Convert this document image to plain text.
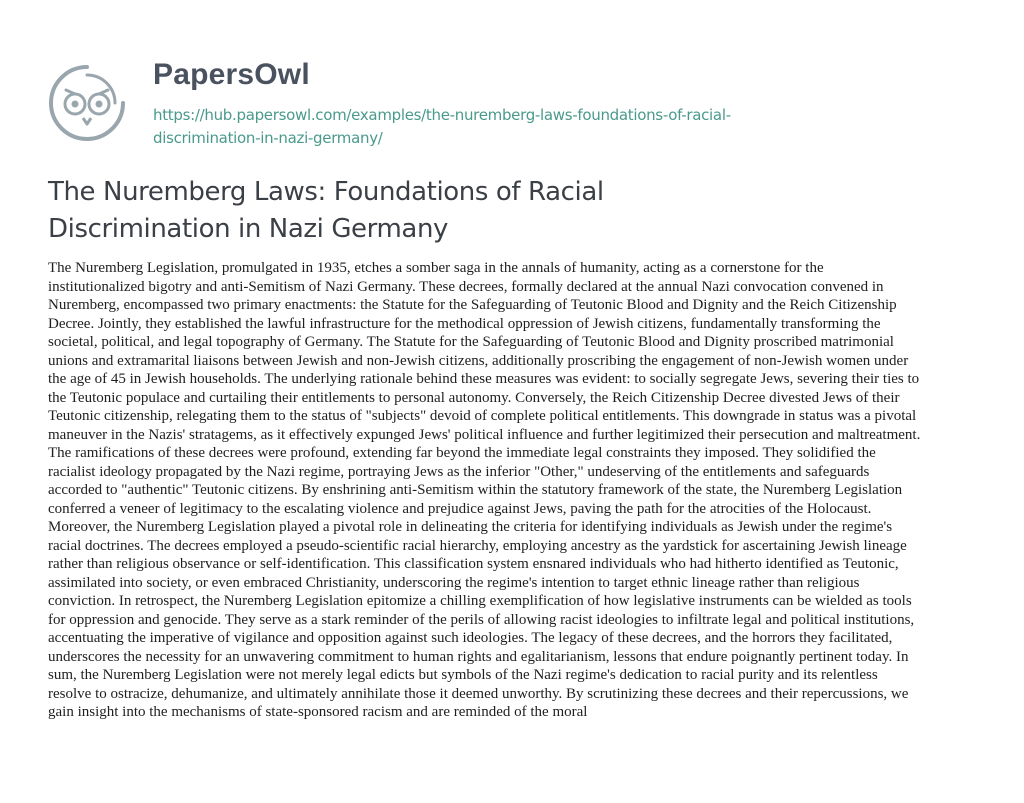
PapersOwl
https://hub.papersowl.com/examples/the-nuremberg-laws-foundations-of-racial-
discrimination-in-nazi-germany/
The Nuremberg Laws: Foundations of Racial
Discrimination in Nazi Germany
The Nuremberg Legislation, promulgated in 1935, etches a somber saga in the annals of humanity, acting as a cornerstone for the
institutionalized bigotry and anti-Semitism of Nazi Germany. These decrees, formally declared at the annual Nazi convocation convened in
Nuremberg, encompassed two primary enactments: the Statute for the Safeguarding of Teutonic Blood and Dignity and the Reich Citizenship
Decree. Jointly, they established the lawful infrastructure for the methodical oppression of Jewish citizens, fundamentally transforming the
societal, political, and legal topography of Germany. The Statute for the Safeguarding of Teutonic Blood and Dignity proscribed matrimonial
unions and extramarital liaisons between Jewish and non-Jewish citizens, additionally proscribing the engagement of non-Jewish women under
the age of 45 in Jewish households. The underlying rationale behind these measures was evident: to socially segregate Jews, severing their ties to
the Teutonic populace and curtailing their entitlements to personal autonomy. Conversely, the Reich Citizenship Decree divested Jews of their
Teutonic citizenship, relegating them to the status of "subjects" devoid of complete political entitlements. This downgrade in status was a pivotal
maneuver in the Nazis' stratagems, as it effectively expunged Jews' political influence and further legitimized their persecution and maltreatment.
The ramifications of these decrees were profound, extending far beyond the immediate legal constraints they imposed. They solidified the
racialist ideology propagated by the Nazi regime, portraying Jews as the inferior "Other," undeserving of the entitlements and safeguards
accorded to "authentic" Teutonic citizens. By enshrining anti-Semitism within the statutory framework of the state, the Nuremberg Legislation
conferred a veneer of legitimacy to the escalating violence and prejudice against Jews, paving the path for the atrocities of the Holocaust.
Moreover, the Nuremberg Legislation played a pivotal role in delineating the criteria for identifying individuals as Jewish under the regime's
racial doctrines. The decrees employed a pseudo-scientific racial hierarchy, employing ancestry as the yardstick for ascertaining Jewish lineage
rather than religious observance or self-identification. This classification system ensnared individuals who had hitherto identified as Teutonic,
assimilated into society, or even embraced Christianity, underscoring the regime's intention to target ethnic lineage rather than religious
conviction. In retrospect, the Nuremberg Legislation epitomize a chilling exemplification of how legislative instruments can be wielded as tools
for oppression and genocide. They serve as a stark reminder of the perils of allowing racist ideologies to infiltrate legal and political institutions,
accentuating the imperative of vigilance and opposition against such ideologies. The legacy of these decrees, and the horrors they facilitated,
underscores the necessity for an unwavering commitment to human rights and egalitarianism, lessons that endure poignantly pertinent today. In
sum, the Nuremberg Legislation were not merely legal edicts but symbols of the Nazi regime's dedication to racial purity and its relentless
resolve to ostracize, dehumanize, and ultimately annihilate those it deemed unworthy. By scrutinizing these decrees and their repercussions, we
gain insight into the mechanisms of state-sponsored racism and are reminded of the moral
